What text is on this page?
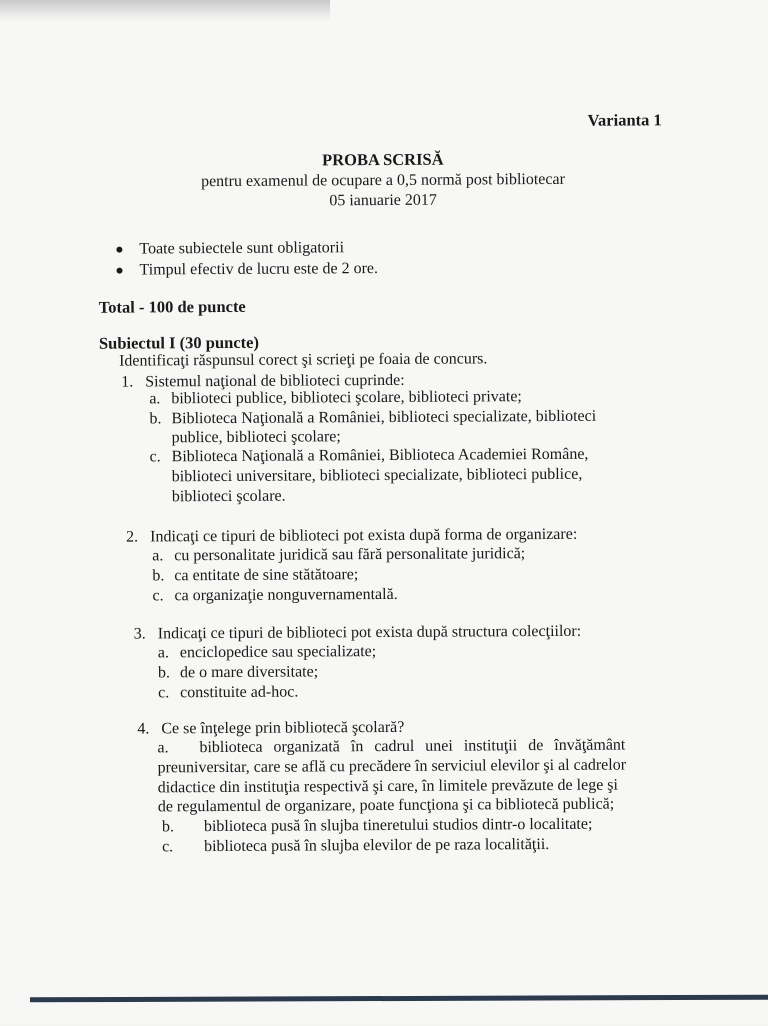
Varianta 1
PROBA SCRISĂ
pentru examenul de ocupare a 0,5 normă post bibliotecar
05 ianuarie 2017
Toate subiectele sunt obligatorii
Timpul efectiv de lucru este de 2 ore.
Total - 100 de puncte
Subiectul I (30 puncte)
Identificaţi răspunsul corect şi scrieţi pe foaia de concurs.
1. Sistemul naţional de biblioteci cuprinde:
a. biblioteci publice, biblioteci şcolare, biblioteci private;
b. Biblioteca Naţională a României, biblioteci specializate, biblioteci
publice, biblioteci şcolare;
c. Biblioteca Naţională a României, Biblioteca Academiei Române,
biblioteci universitare, biblioteci specializate, biblioteci publice,
biblioteci şcolare.
2. Indicaţi ce tipuri de biblioteci pot exista după forma de organizare:
a. cu personalitate juridică sau fără personalitate juridică;
b. ca entitate de sine stătătoare;
c. ca organizaţie nonguvernamentală.
3. Indicaţi ce tipuri de biblioteci pot exista după structura colecţiilor:
a. enciclopedice sau specializate;
b. de o mare diversitate;
c. constituite ad-hoc.
4. Ce se înţelege prin bibliotecă şcolară?
a. biblioteca organizată în cadrul unei instituţii de învăţământ
preuniversitar, care se află cu precădere în serviciul elevilor şi al cadrelor
didactice din instituţia respectivă şi care, în limitele prevăzute de lege şi
de regulamentul de organizare, poate funcţiona şi ca bibliotecă publică;
b. biblioteca pusă în slujba tineretului studios dintr-o localitate;
c. biblioteca pusă în slujba elevilor de pe raza localităţii.
